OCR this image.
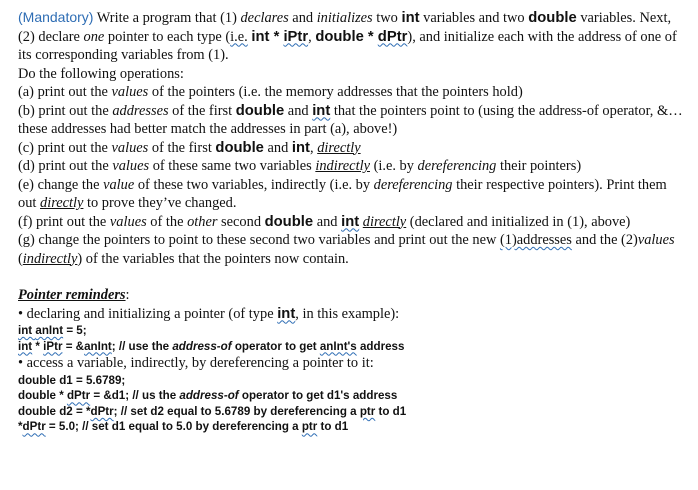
(Mandatory) Write a program that (1) declares and initializes two int variables and two double variables. Next, (2) declare one pointer to each type (i.e. int * iPtr, double * dPtr), and initialize each with the address of one of its corresponding variables from (1).
Do the following operations:

(a) print out the values of the pointers (i.e. the memory addresses that the pointers hold)

(b) print out the addresses of the first double and int that the pointers point to (using the address-of operator, &…these addresses had better match the addresses in part (a), above!)

(c) print out the values of the first double and int, directly

(d) print out the values of these same two variables indirectly (i.e. by dereferencing their pointers)

(e) change the value of these two variables, indirectly (i.e. by dereferencing their respective pointers). Print them out directly to prove they’ve changed.

(f) print out the values of the other second double and int directly (declared and initialized in (1), above)

(g) change the pointers to point to these second two variables and print out the new (1)addresses and the (2)values (indirectly) of the variables that the pointers now contain.

Pointer reminders:

• declaring and initializing a pointer (of type int, in this example):

int anInt = 5;

int * iPtr = &anInt; // use the address-of operator to get anInt's address

• access a variable, indirectly, by dereferencing a pointer to it:

double d1 = 5.6789;

double * dPtr = &d1; // us the address-of operator to get d1's address

double d2 = *dPtr; // set d2 equal to 5.6789 by dereferencing a ptr to d1

*dPtr = 5.0; // set d1 equal to 5.0 by dereferencing a ptr to d1
